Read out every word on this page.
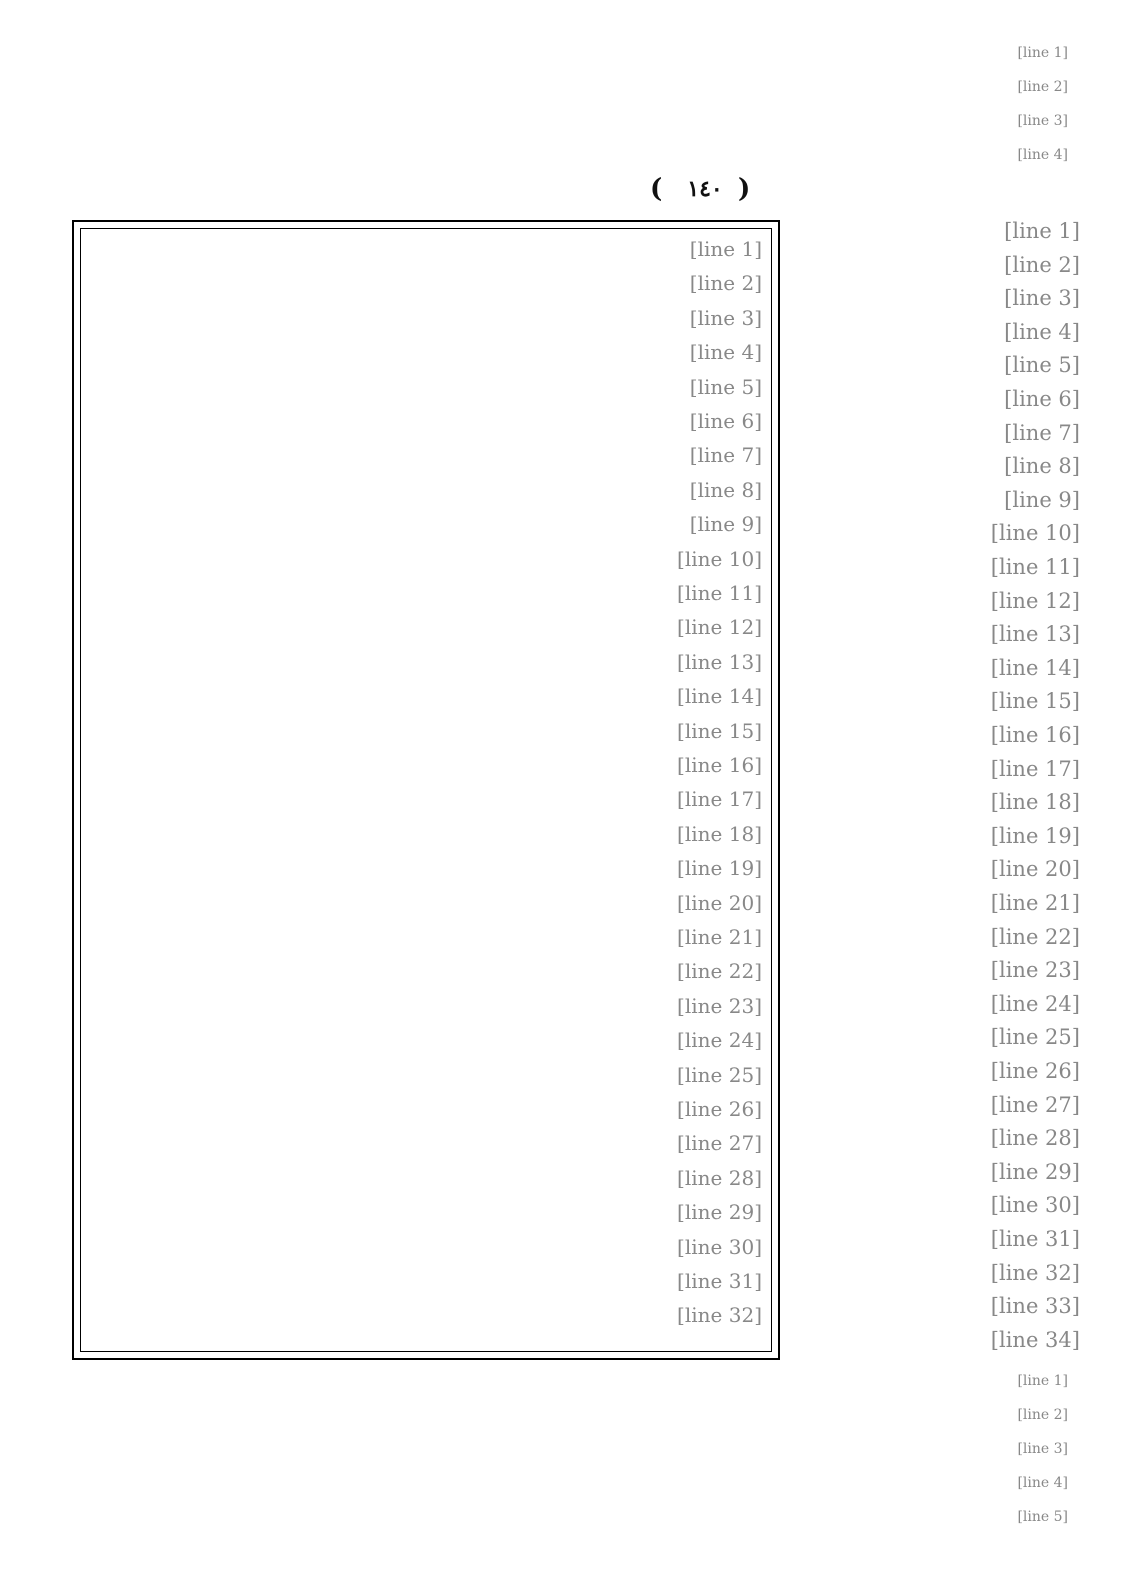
[line 1]
[line 2]
[line 3]
[line 4]
(	١٤٠ )
[line 1]
[line 2]
[line 3]
[line 4]
[line 5]
[line 6]
[line 7]
[line 8]
[line 9]
[line 10]
[line 11]
[line 12]
[line 13]
[line 14]
[line 15]
[line 16]
[line 17]
[line 18]
[line 19]
[line 20]
[line 21]
[line 22]
[line 23]
[line 24]
[line 25]
[line 26]
[line 27]
[line 28]
[line 29]
[line 30]
[line 31]
[line 32]
[line 1]
[line 2]
[line 3]
[line 4]
[line 5]
[line 6]
[line 7]
[line 8]
[line 9]
[line 10]
[line 11]
[line 12]
[line 13]
[line 14]
[line 15]
[line 16]
[line 17]
[line 18]
[line 19]
[line 20]
[line 21]
[line 22]
[line 23]
[line 24]
[line 25]
[line 26]
[line 27]
[line 28]
[line 29]
[line 30]
[line 31]
[line 32]
[line 33]
[line 34]
[line 1]
[line 2]
[line 3]
[line 4]
[line 5]
